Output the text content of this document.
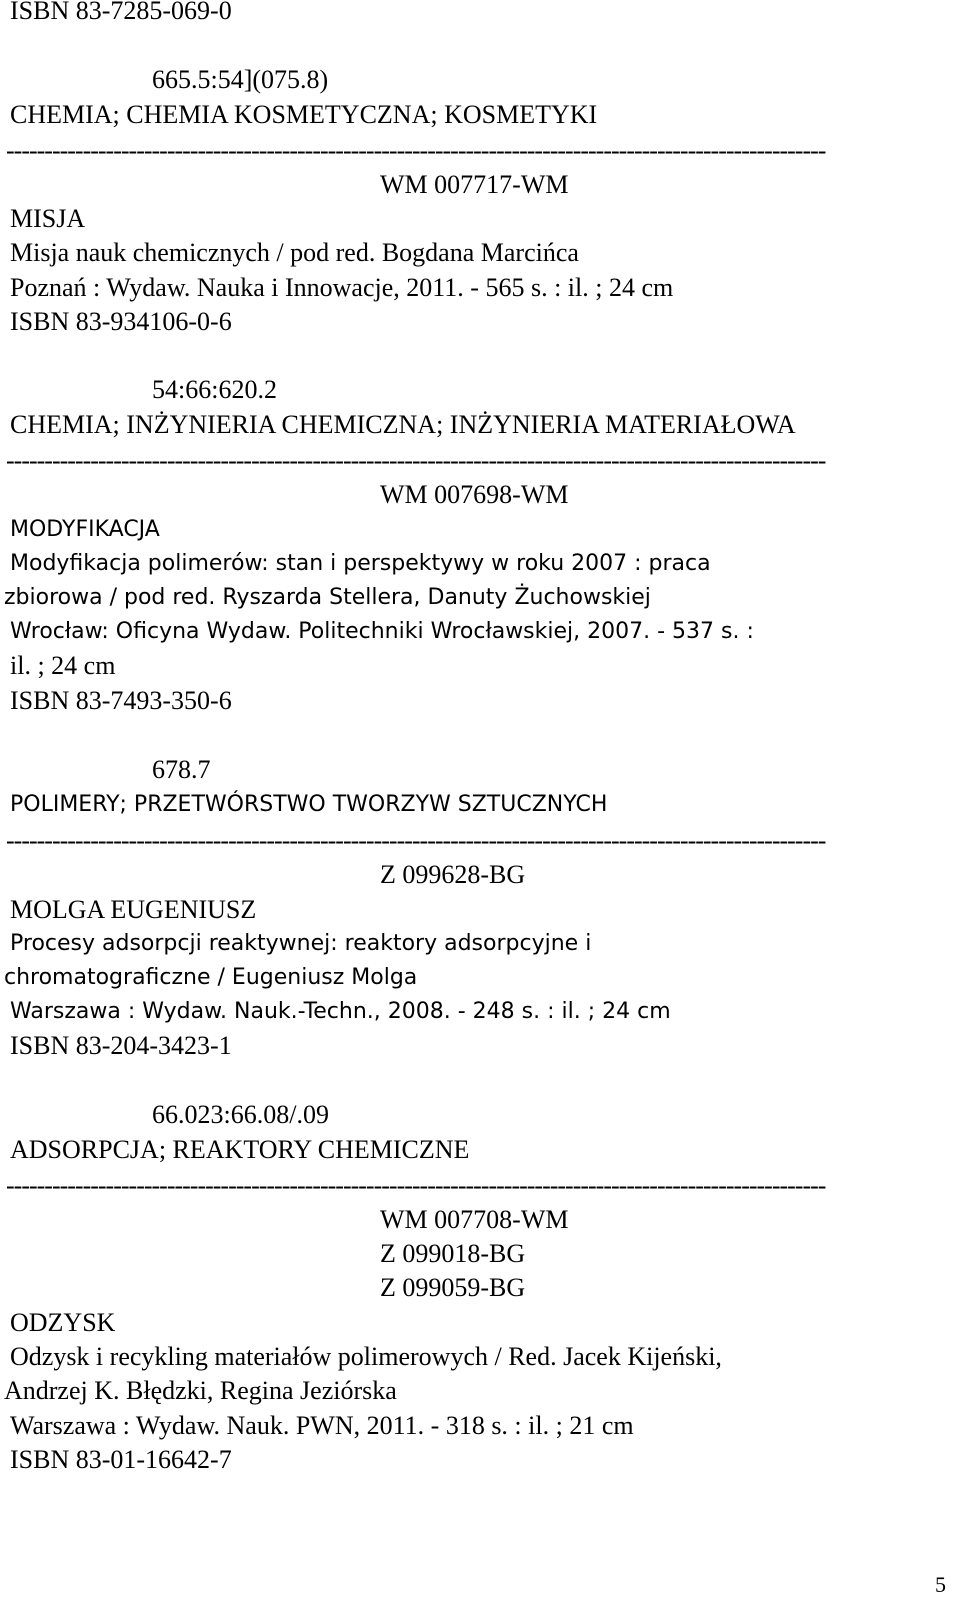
ISBN 83-7285-069-0
665.5:54](075.8)
CHEMIA; CHEMIA KOSMETYCZNA; KOSMETYKI
-----------------------------------------------------------------------------------------------------------
WM 007717-WM
MISJA
Misja nauk chemicznych / pod red. Bogdana Marcińca
Poznań : Wydaw. Nauka i Innowacje, 2011. - 565 s. : il. ; 24 cm
ISBN 83-934106-0-6
54:66:620.2
CHEMIA; INŻYNIERIA CHEMICZNA; INŻYNIERIA MATERIAŁOWA
-----------------------------------------------------------------------------------------------------------
WM 007698-WM
MODYFIKACJA
Modyfikacja polimerów: stan i perspektywy w roku 2007 : praca
zbiorowa / pod red. Ryszarda Stellera, Danuty Żuchowskiej
Wrocław: Oficyna Wydaw. Politechniki Wrocławskiej, 2007. - 537 s. :
il. ; 24 cm
ISBN 83-7493-350-6
678.7
POLIMERY; PRZETWÓRSTWO TWORZYW SZTUCZNYCH
-----------------------------------------------------------------------------------------------------------
Z 099628-BG
MOLGA EUGENIUSZ
Procesy adsorpcji reaktywnej: reaktory adsorpcyjne i
chromatograficzne / Eugeniusz Molga
Warszawa : Wydaw. Nauk.-Techn., 2008. - 248 s. : il. ; 24 cm
ISBN 83-204-3423-1
66.023:66.08/.09
ADSORPCJA; REAKTORY CHEMICZNE
-----------------------------------------------------------------------------------------------------------
WM 007708-WM
Z 099018-BG
Z 099059-BG
ODZYSK
Odzysk i recykling materiałów polimerowych / Red. Jacek Kijeński,
Andrzej K. Błędzki, Regina Jeziórska
Warszawa : Wydaw. Nauk. PWN, 2011. - 318 s. : il. ; 21 cm
ISBN 83-01-16642-7
5
